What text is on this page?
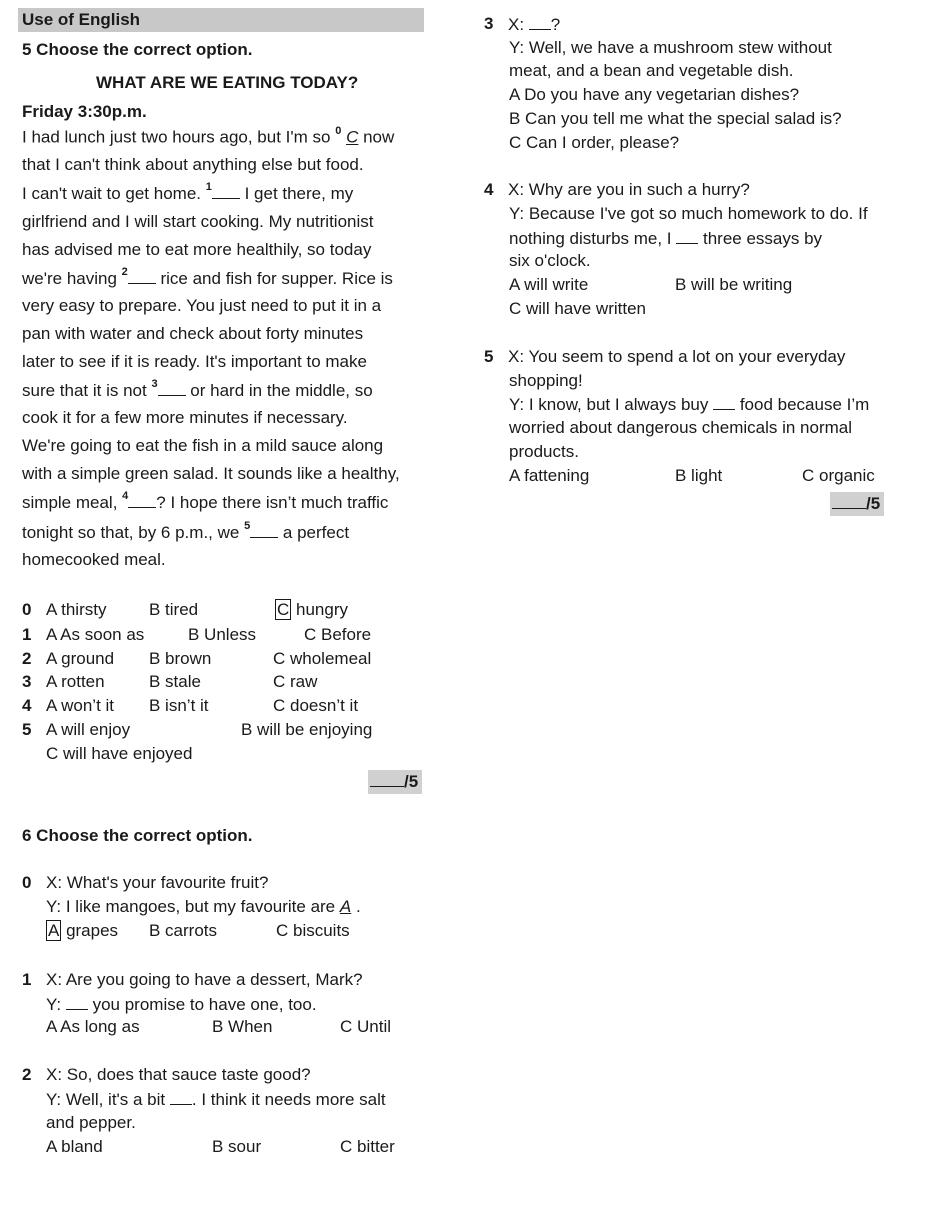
Use of English
5 Choose the correct option.
WHAT ARE WE EATING TODAY?
Friday 3:30p.m.
I had lunch just two hours ago, but I'm so $^0$ C now
that I can't think about anything else but food.
I can't wait to get home. $^1$ I get there, my
girlfriend and I will start cooking. My nutritionist
has advised me to eat more healthily, so today
we're having $^2$ rice and fish for supper. Rice is
very easy to prepare. You just need to put it in a
pan with water and check about forty minutes
later to see if it is ready. It's important to make
sure that it is not $^3$ or hard in the middle, so
cook it for a few more minutes if necessary.
We're going to eat the fish in a mild sauce along
with a simple green salad. It sounds like a healthy,
simple meal, $^4$ ? I hope there isn’t much traffic
tonight so that, by 6 p.m., we $^5$ a perfect
homecooked meal.
0 A thirsty	B tired	C hungry
1 A As soon as	B Unless	C Before
2 A ground B brown	C wholemeal
3 A rotten	B stale	C raw
4 A won’t it B isn’t it	C doesn’t it
5 A will enjoy	B will be enjoying
C will have enjoyed
/5
6 Choose the correct option.
0 X: What's your favourite fruit?
Y: I like mangoes, but my favourite are A .
A grapes B carrots	C biscuits
1 X: Are you going to have a dessert, Mark?
Y:  you promise to have one, too.
A As long as	B When	C Until
2 X: So, does that sauce taste good?
Y: Well, it's a bit . I think it needs more salt
and pepper.
A bland	B sour	C bitter
3 X: ?
Y: Well, we have a mushroom stew without
meat, and a bean and vegetable dish.
A Do you have any vegetarian dishes?
B Can you tell me what the special salad is?
C Can I order, please?
4 X: Why are you in such a hurry?
Y: Because I've got so much homework to do. If
nothing disturbs me, I  three essays by
six o'clock.
A will write	B will be writing
C will have written
5 X: You seem to spend a lot on your everyday
shopping!
Y: I know, but I always buy  food because I’m
worried about dangerous chemicals in normal
products.
A fattening	B light	C organic
/5
